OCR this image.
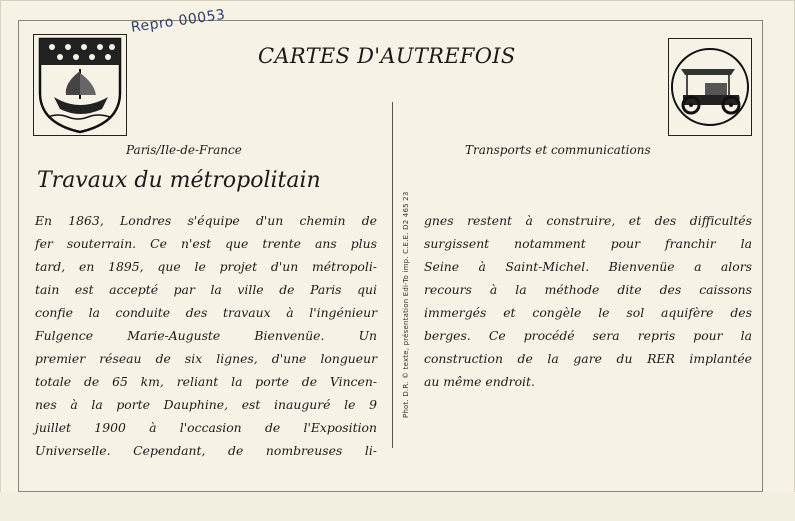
Repro 00053
CARTES D'AUTREFOIS
Paris/Ile-de-France	Transports et communications
Travaux du métropolitain
En 1863, Londres s'équipe d'un chemin de
fer souterrain. Ce n'est que trente ans plus
tard, en 1895, que le projet d'un métropoli-
tain est accepté par la ville de Paris qui
confie la conduite des travaux à l'ingénieur
Fulgence Marie-Auguste Bienvenüe. Un
premier réseau de six lignes, d'une longueur
totale de 65 km, reliant la porte de Vincen-
nes à la porte Dauphine, est inauguré le 9
juillet 1900 à l'occasion de l'Exposition
Universelle. Cependant, de nombreuses li-
Phot. D.R. © texte, présentation Edi-To imp. C.E.E. D2 465 23 gnes restent à construire, et des difficultés
surgissent notamment pour franchir la
Seine à Saint-Michel. Bienvenüe a alors
recours à la méthode dite des caissons
immergés et congèle le sol aquifère des
berges. Ce procédé sera repris pour la
construction de la gare du RER implantée
au même endroit.
